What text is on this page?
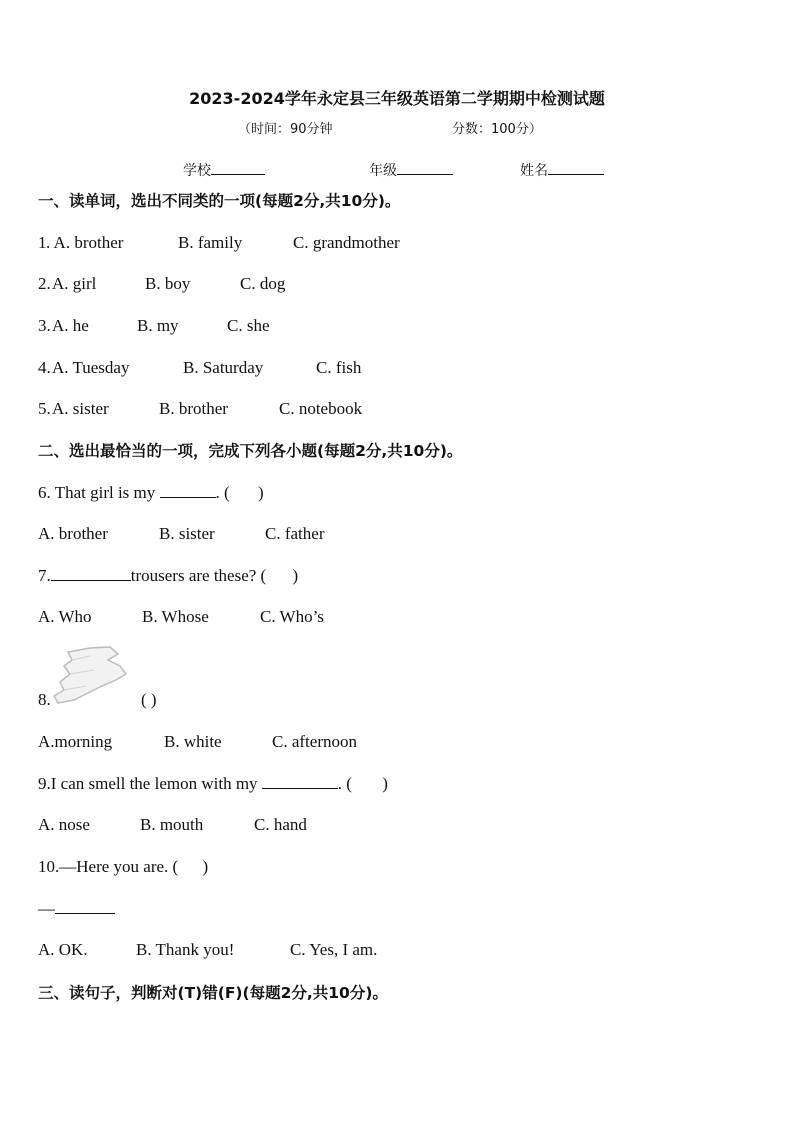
2023-2024学年永定县三年级英语第二学期期中检测试题
（时间：90分钟	分数：100分）
学校	年级	姓名
一、读单词，选出不同类的一项(每题2分,共10分)。
1 . A. brother	B. family	C. grandmother
2. A. girl	B. boy	C. dog
3. A. he	B. my	C. she
4. A. Tuesday	B. Saturday	C. fish
5. A. sister	B. brother	C. notebook
二、选出最恰当的一项，完成下列各小题(每题2分,共10分)。
6. That girl is my	. ( )
A. brother	B. sister	C. father
7.	trousers are these? ( )
A. Who	B. Whose	C. Who’s
8.	( )
A.morning	B. white	C. afternoon
9.I can smell the lemon with my	. ( )
A. nose	B. mouth	C. hand
10.—Here you are. ( )
—
A. OK.	B. Thank you!	C. Yes, I am.
三、读句子，判断对(T)错(F)(每题2分,共10分)。
